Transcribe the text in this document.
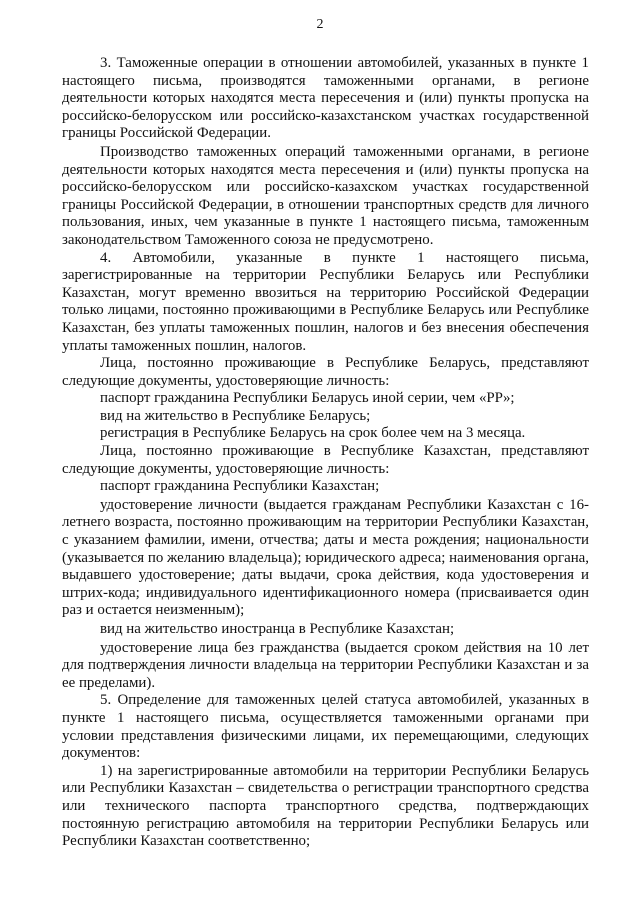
2

3. Таможенные операции в отношении автомобилей, указанных в пункте 1 настоящего письма, производятся таможенными органами, в регионе деятельности которых находятся места пересечения и (или) пункты пропуска на российско-белорусском или российско-казахстанском участках государственной границы Российской Федерации.

Производство таможенных операций таможенными органами, в регионе деятельности которых находятся места пересечения и (или) пункты пропуска на российско-белорусском или российско-казахском участках государственной границы Российской Федерации, в отношении транспортных средств для личного пользования, иных, чем указанные в пункте 1 настоящего письма, таможенным законодательством Таможенного союза не предусмотрено.

4. Автомобили, указанные в пункте 1 настоящего письма, зарегистрированные на территории Республики Беларусь или Республики Казахстан, могут временно ввозиться на территорию Российской Федерации только лицами, постоянно проживающими в Республике Беларусь или Республике Казахстан, без уплаты таможенных пошлин, налогов и без внесения обеспечения уплаты таможенных пошлин, налогов.

Лица, постоянно проживающие в Республике Беларусь, представляют следующие документы, удостоверяющие личность:

паспорт гражданина Республики Беларусь иной серии, чем «PP»;

вид на жительство в Республике Беларусь;

регистрация в Республике Беларусь на срок более чем на 3 месяца.

Лица, постоянно проживающие в Республике Казахстан, представляют следующие документы, удостоверяющие личность:

паспорт гражданина Республики Казахстан;

удостоверение личности (выдается гражданам Республики Казахстан с 16-летнего возраста, постоянно проживающим на территории Республики Казахстан, с указанием фамилии, имени, отчества; даты и места рождения; национальности (указывается по желанию владельца); юридического адреса; наименования органа, выдавшего удостоверение; даты выдачи, срока действия, кода удостоверения и штрих-кода; индивидуального идентификационного номера (присваивается один раз и остается неизменным);

вид на жительство иностранца в Республике Казахстан;

удостоверение лица без гражданства (выдается сроком действия на 10 лет для подтверждения личности владельца на территории Республики Казахстан и за ее пределами).

5. Определение для таможенных целей статуса автомобилей, указанных в пункте 1 настоящего письма, осуществляется таможенными органами при условии представления физическими лицами, их перемещающими, следующих документов:

1) на зарегистрированные автомобили на территории Республики Беларусь или Республики Казахстан – свидетельства о регистрации транспортного средства или технического паспорта транспортного средства, подтверждающих постоянную регистрацию автомобиля на территории Республики Беларусь или Республики Казахстан соответственно;
